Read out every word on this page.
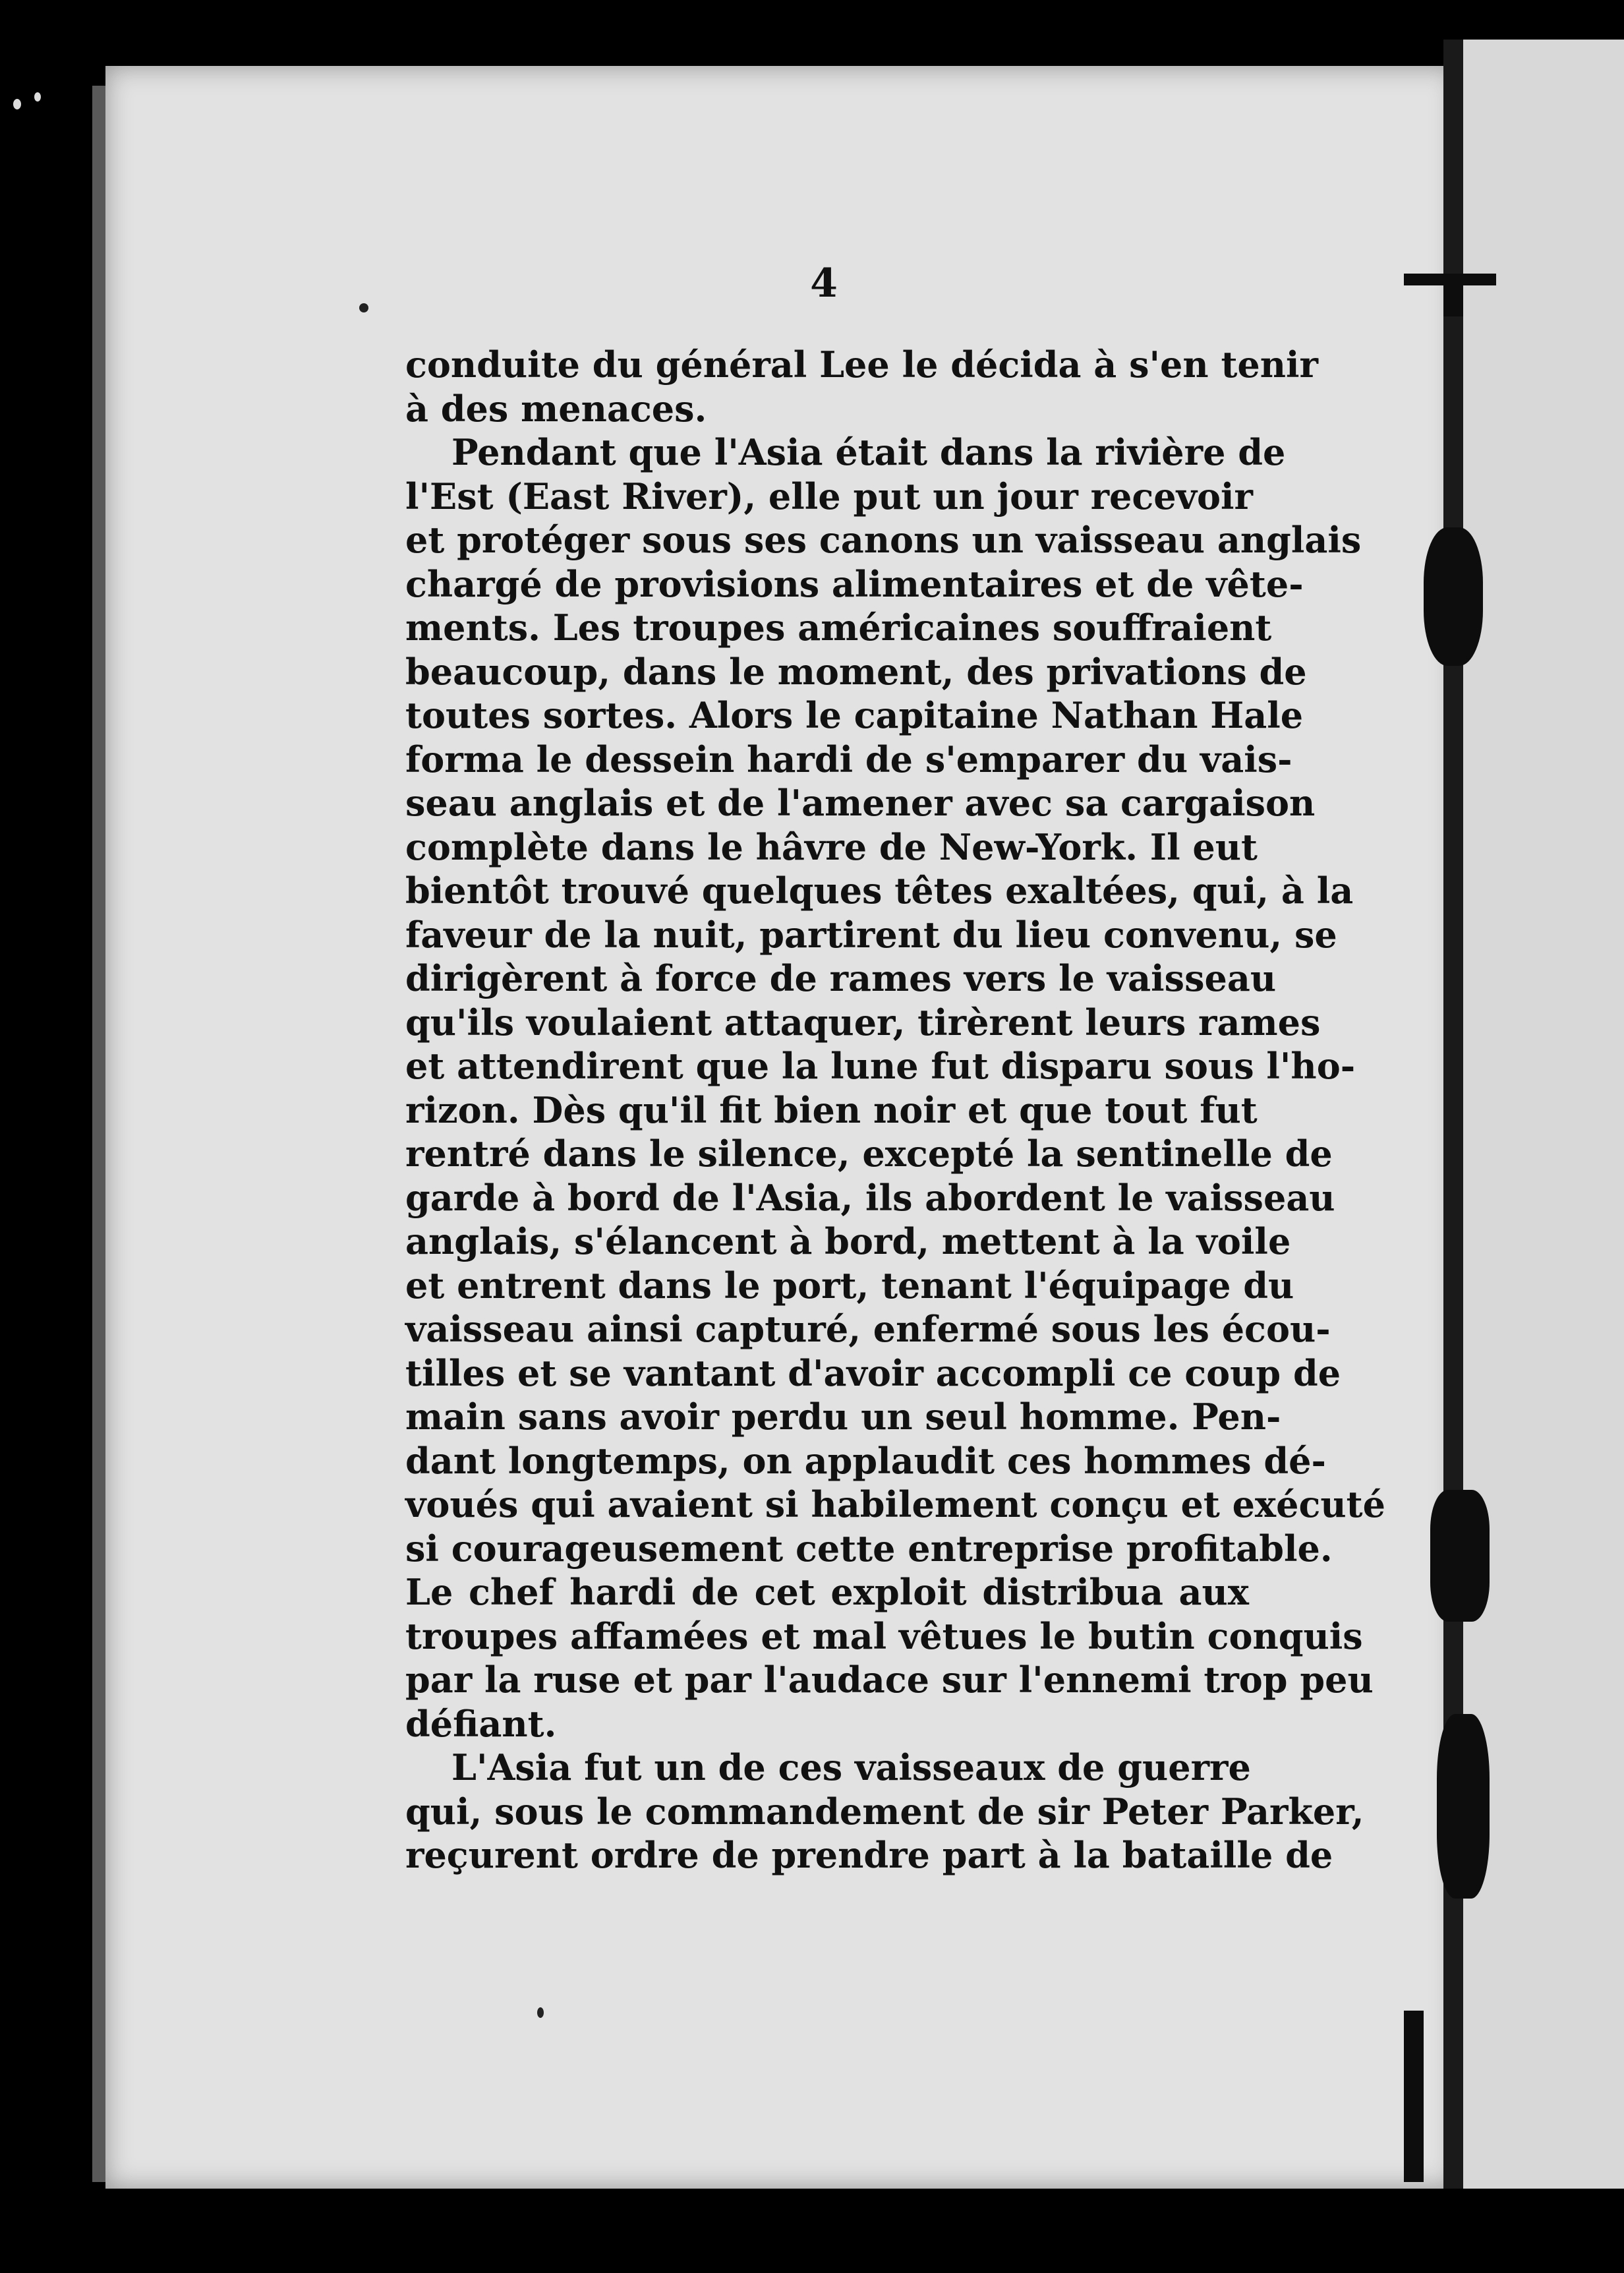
4
conduite du général Lee le décida à s'en tenir
à des menaces.
Pendant que l'Asia était dans la rivière de
l'Est (East River), elle put un jour recevoir
et protéger sous ses canons un vaisseau anglais
chargé de provisions alimentaires et de vête-
ments. Les troupes américaines souffraient
beaucoup, dans le moment, des privations de
toutes sortes. Alors le capitaine Nathan Hale
forma le dessein hardi de s'emparer du vais-
seau anglais et de l'amener avec sa cargaison
complète dans le hâvre de New-York. Il eut
bientôt trouvé quelques têtes exaltées, qui, à la
faveur de la nuit, partirent du lieu convenu, se
dirigèrent à force de rames vers le vaisseau
qu'ils voulaient attaquer, tirèrent leurs rames
et attendirent que la lune fut disparu sous l'ho-
rizon. Dès qu'il fit bien noir et que tout fut
rentré dans le silence, excepté la sentinelle de
garde à bord de l'Asia, ils abordent le vaisseau
anglais, s'élancent à bord, mettent à la voile
et entrent dans le port, tenant l'équipage du
vaisseau ainsi capturé, enfermé sous les écou-
tilles et se vantant d'avoir accompli ce coup de
main sans avoir perdu un seul homme. Pen-
dant longtemps, on applaudit ces hommes dé-
voués qui avaient si habilement conçu et exécuté
si courageusement cette entreprise profitable.
Le chef hardi de cet exploit distribua aux
troupes affamées et mal vêtues le butin conquis
par la ruse et par l'audace sur l'ennemi trop peu
défiant.
L'Asia fut un de ces vaisseaux de guerre
qui, sous le commandement de sir Peter Parker,
reçurent ordre de prendre part à la bataille de
